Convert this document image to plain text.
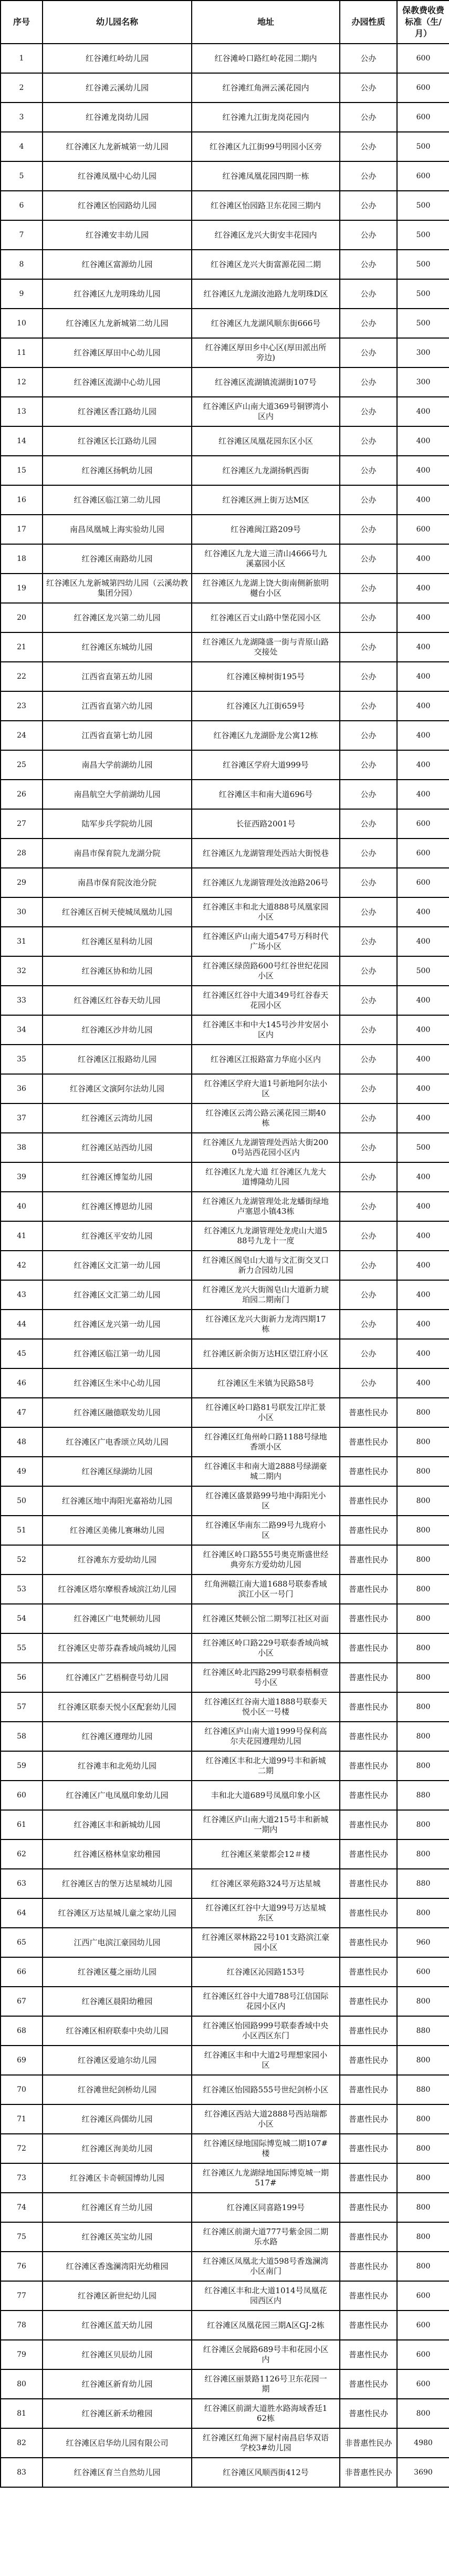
序号	幼儿园名称	地址	办园性质	保教费收费标准（生/月）
1	红谷滩红岭幼儿园	红谷滩岭口路红岭花园二期内	公办	600
2	红谷滩云溪幼儿园	红谷滩红角洲云溪花园内	公办	600
3	红谷滩龙岗幼儿园	红谷滩九江街龙岗花园内	公办	600
4	红谷滩区九龙新城第一幼儿园	红谷滩区九江街99号明园小区旁	公办	500
5	红谷滩凤凰中心幼儿园	红谷滩凤凰花园四期一栋	公办	600
6	红谷滩区怡园路幼儿园	红谷滩区怡园路卫东花园三期内	公办	500
7	红谷滩安丰幼儿园	红谷滩区龙兴大街安丰花园内	公办	500
8	红谷滩区富源幼儿园	红谷滩区龙兴大街富源花园二期	公办	500
9	红谷滩区九龙明珠幼儿园	红谷滩区九龙湖汝池路九龙明珠D区	公办	500
10	红谷滩区九龙新城第二幼儿园	红谷滩区九龙湖风顺东街666号	公办	500
11	红谷滩区厚田中心幼儿园	红谷滩区厚田乡中心区(厚田派出所旁边)	公办	300
12	红谷滩区流湖中心幼儿园	红谷滩区流湖镇流湖街107号	公办	300
13	红谷滩区香江路幼儿园	红谷滩区庐山南大道369号铜锣湾小区内	公办	400
14	红谷滩区长江路幼儿园	红谷滩区凤凰花园东区小区	公办	400
15	红谷滩区扬帆幼儿园	红谷滩区九龙湖扬帆西街	公办	400
16	红谷滩区临江第二幼儿园	红谷滩区洲上街万达M区	公办	400
17	南昌凤凰城上海实验幼儿园	红谷滩闽江路209号	公办	600
18	红谷滩区南路幼儿园	红谷滩区九龙大道三清山4666号九溪嘉园小区	公办	400
19	红谷滩区九龙新城第四幼儿园（云溪幼教集团分园）	红谷滩区九龙湖上饶大街南侧新旅明樾台小区	公办	400
20	红谷滩区龙兴第二幼儿园	红谷滩区百丈山路中堡花园小区	公办	400
21	红谷滩区东城幼儿园	红谷滩区九龙湖隆盛一街与青原山路交接处	公办	400
22	江西省直第五幼儿园	红谷滩区樟树街195号	公办	400
23	江西省直第六幼儿园	红谷滩区九江街659号	公办	400
24	江西省直第七幼儿园	红谷滩区九龙湖卧龙公寓12栋	公办	400
25	南昌大学前湖幼儿园	红谷滩区学府大道999号	公办	400
26	南昌航空大学前湖幼儿园	红谷滩区丰和南大道696号	公办	400
27	陆军步兵学院幼儿园	长征西路2001号	公办	600
28	南昌市保育院九龙湖分院	红谷滩区九龙湖管理处西站大街悦巷	公办	600
29	南昌市保育院汝池分院	红谷滩区九龙湖管理处汝池路206号	公办	600
30	红谷滩区百树天使城凤凰幼儿园	红谷滩区丰和北大道888号凤凰家园小区	公办	400
31	红谷滩区星科幼儿园	红谷滩区庐山南大道547号万科时代广场小区	公办	400
32	红谷滩区协和幼儿园	红谷滩区绿茵路600号红谷世纪花园小区	公办	500
33	红谷滩区红谷春天幼儿园	红谷滩区红谷中大道349号红谷春天花园小区	公办	400
34	红谷滩区沙井幼儿园	红谷滩区丰和中大145号沙井安居小区内	公办	400
35	红谷滩区江报路幼儿园	红谷滩区江报路富力华庭小区内	公办	400
36	红谷滩区文演阿尔法幼儿园	红谷滩区学府大道1号新地阿尔法小区	公办	400
37	红谷滩区云湾幼儿园	红谷滩区云湾公路云溪花园三期40栋	公办	400
38	红谷滩区站西幼儿园	红谷滩区九龙湖管理处西站大街2000号站西花园小区内	公办	500
39	红谷滩区博玺幼儿园	红谷滩区九龙大道 红谷滩区九龙大道博隆幼儿园	公办	400
40	红谷滩区博恩幼儿园	红谷滩区九龙湖管理处北龙蟠街绿地卢塞恩小镇43栋	公办	400
41	红谷滩区平安幼儿园	红谷滩区九龙湖管理处龙虎山大道588号九龙十一度	公办	400
42	红谷滩区文汇第一幼儿园	红谷滩区阁皂山大道与文汇街交叉口新力合园幼儿园	公办	400
43	红谷滩区文汇第二幼儿园	红谷滩区龙兴大街阁皂山大道新力琥珀园二期南门	公办	400
44	红谷滩区龙兴第一幼儿园	红谷滩区龙兴大街新力龙湾四期17栋	公办	400
45	红谷滩区临江第一幼儿园	红谷滩区新余街万达H区望江府小区	公办	400
46	红谷滩区生米中心幼儿园	红谷滩区生米镇为民路58号	公办	400
47	红谷滩区融德联发幼儿园	红谷滩区岭口路81号联发江岸汇景小区	普惠性民办	800
48	红谷滩区广电香颂立风幼儿园	红谷滩区红角州岭口路1188号绿地香颂小区	普惠性民办	800
49	红谷滩区绿湖幼儿园	红谷滩区丰和南大道2888号绿湖豪城二期内	普惠性民办	800
50	红谷滩区地中海阳光嘉裕幼儿园	红谷滩区盛景路99号地中海阳光小区	普惠性民办	800
51	红谷滩区美佛儿赛琳幼儿园	红谷滩区华南东二路99号九珑府小区	普惠性民办	800
52	红谷滩东方爱幼幼儿园	红谷滩区岭口路555号奥克斯盛世经典旁东方爱幼幼儿园	普惠性民办	800
53	红谷滩区塔尔摩根香域滨江幼儿园	红角洲赣江南大道1688号联泰香域滨江小区一号门	普惠性民办	800
54	红谷滩区广电梵顿幼儿园	红谷滩区梵顿公馆二期琴江社区对面	普惠性民办	800
55	红谷滩区史蒂芬森香域尚城幼儿园	红谷滩区岭口路229号联泰香域尚城小区	普惠性民办	800
56	红谷滩区广艺梧桐壹号幼儿园	红谷滩区岭北四路299号联泰梧桐壹号小区	普惠性民办	800
57	红谷滩区联泰天悦小区配套幼儿园	红谷滩区红谷南大道1888号联泰天悦小区一号楼	普惠性民办	800
58	红谷滩区遵理幼儿园	红谷滩区庐山南大道1999号保利高尔夫花园遵理幼儿园	普惠性民办	800
59	红谷滩丰和北苑幼儿园	红谷滩区丰和北大道99号丰和新城二期	普惠性民办	800
60	红谷滩区广电凤凰印象幼儿园	丰和北大道689号凤凰印象小区	普惠性民办	880
61	红谷滩区丰和新城幼儿园	红谷滩区庐山南大道215号丰和新城一期内	普惠性民办	800
62	红谷滩区格林皇家幼稚园	红谷滩区莱蒙都会12＃楼	普惠性民办	800
63	红谷滩区吉的堡万达星城幼儿园	红谷滩区翠苑路324号万达星城	普惠性民办	880
64	红谷滩区万达星城儿童之家幼儿园	红谷滩区红谷中大道99号万达星城东区	普惠性民办	800
65	江西广电滨江豪园幼儿园	红谷滩区翠林路22号101支路滨江豪园小区	普惠性民办	960
66	红谷滩区蔓之丽幼儿园	红谷滩区沁园路153号	普惠性民办	600
67	红谷滩区晨阳幼稚园	红谷滩区红谷中大道788号江信国际花园小区内	普惠性民办	800
68	红谷滩区相府联泰中央幼儿园	红谷滩区怡园路999号联泰香域中央小区西区东门	普惠性民办	880
69	红谷滩区爱迪尔幼儿园	红谷滩区丰和中大道2号理想家园小区	普惠性民办	800
70	红谷滩世纪剑桥幼儿园	红谷滩区怡园路555号世纪剑桥小区	普惠性民办	880
71	红谷滩区尚儒幼儿园	红谷滩区西站大道2888号西站瑞都小区	普惠性民办	800
72	红谷滩区洵美幼儿园	红谷滩区绿地国际博览城二期107#楼	普惠性民办	800
73	红谷滩区卡奇顿国博幼儿园	红谷滩区九龙湖绿地国际博览城一期517#	普惠性民办	800
74	红谷滩区育兰幼儿园	红谷滩区同喜路199号	普惠性民办	800
75	红谷滩区英宝幼儿园	红谷滩区前湖大道777号紫金园二期乐水路	普惠性民办	800
76	红谷滩区香逸澜湾阳光幼稚园	红谷滩区凤凰北大道598号香逸澜湾小区南门	普惠性民办	800
77	红谷滩区新世纪幼儿园	红谷滩区丰和北大道1014号凤凰花园西区内	普惠性民办	600
78	红谷滩区蓝天幼儿园	红谷滩区凤凰花园三期A区GJ-2栋	普惠性民办	600
79	红谷滩区贝辰幼儿园	红谷滩区会展路689号丰和花园小区内	普惠性民办	600
80	红谷滩区新育幼儿园	红谷滩区丽景路1126号卫东花园一期	普惠性民办	600
81	红谷滩区新禾幼稚园	红谷滩区前湖大道胜水路海域香廷162栋	普惠性民办	800
82	红谷滩区启华幼儿园有限公司	红谷滩区红角洲下屋村南昌启华双语学校3#幼儿园	非普惠性民办	4980
83	红谷滩区育兰自然幼儿园	红谷滩区风顺西街412号	非普惠性民办	3690
